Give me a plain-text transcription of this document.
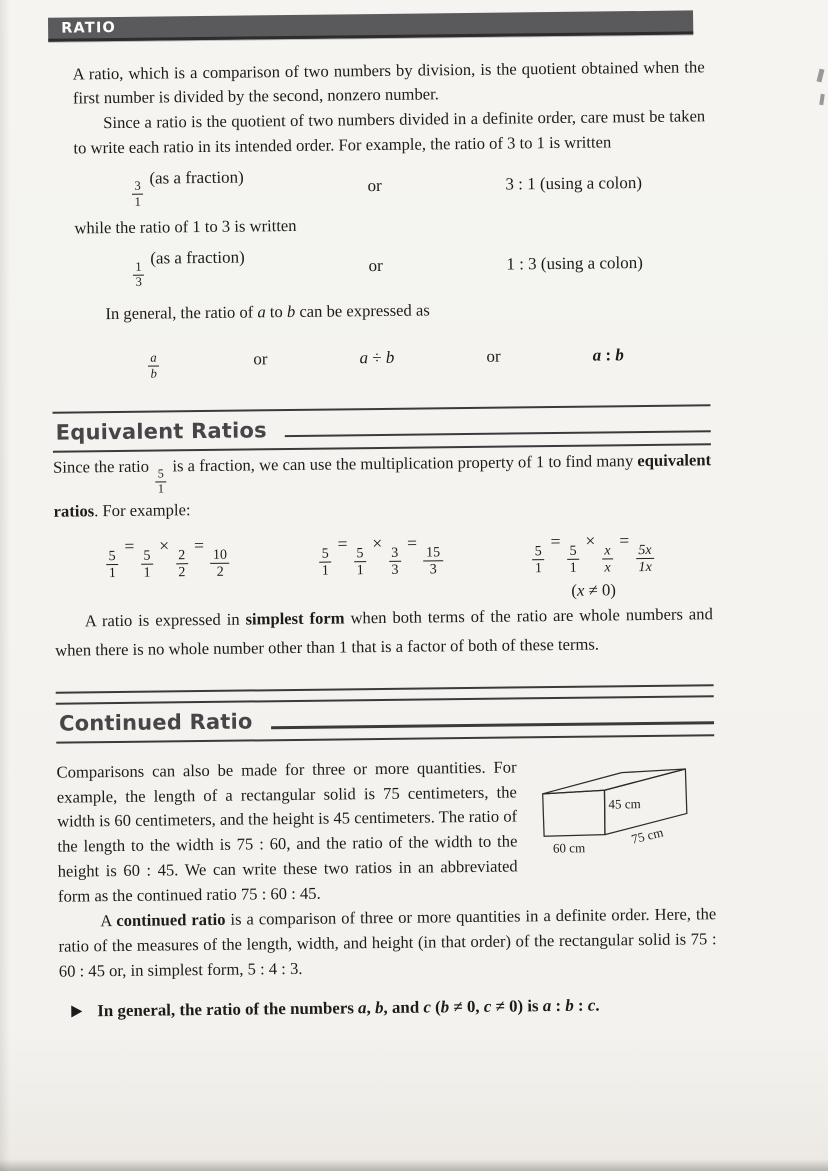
RATIO

A ratio, which is a comparison of two numbers by division, is the quotient obtained when the first number is divided by the second, nonzero number.

Since a ratio is the quotient of two numbers divided in a definite order, care must be taken to write each ratio in its intended order. For example, the ratio of 3 to 1 is written

$\frac{3}{1}$
(as a fraction)	or	3 : 1 (using a colon)

while the ratio of 1 to 3 is written

$\frac{1}{3}$
(as a fraction)	or	1 : 3 (using a colon)

In general, the ratio of a to b can be expressed as

$\frac{a}{b}$	or	a ÷ b	or	a : b
Equivalent Ratios

Since the ratio
$\frac{5}{1}$
is a fraction, we can use the multiplication property of 1 to find many equivalent ratios. For example:

$\frac{5}{1}$
=
$\frac{5}{1}$
×
$\frac{2}{2}$
=
$\frac{10}{2}$	$\frac{5}{1}$
=
$\frac{5}{1}$
×
$\frac{3}{3}$
=
$\frac{15}{3}$	$\frac{5}{1}$
=
$\frac{5}{1}$
×
$\frac{x}{x}$
=
$\frac{5x}{1x}$
(x ≠ 0)

A ratio is expressed in simplest form when both terms of the ratio are whole numbers and when there is no whole number other than 1 that is a factor of both of these terms.

Continued Ratio

Comparisons can also be made for three or more quantities. For example, the length of a rectangular solid is 75 centimeters, the width is 60 centimeters, and the height is 45 centimeters. The ratio of the length to the width is 75 : 60, and the ratio of the width to the height is 60 : 45. We can write these two ratios in an abbreviated form as the continued ratio 75 : 60 : 45.

45 cm
60 cm
75 cm

A continued ratio is a comparison of three or more quantities in a definite order. Here, the ratio of the measures of the length, width, and height (in that order) of the rectangular solid is 75 : 60 : 45 or, in simplest form, 5 : 4 : 3.

In general, the ratio of the numbers a, b, and c (b ≠ 0, c ≠ 0) is a : b : c.
